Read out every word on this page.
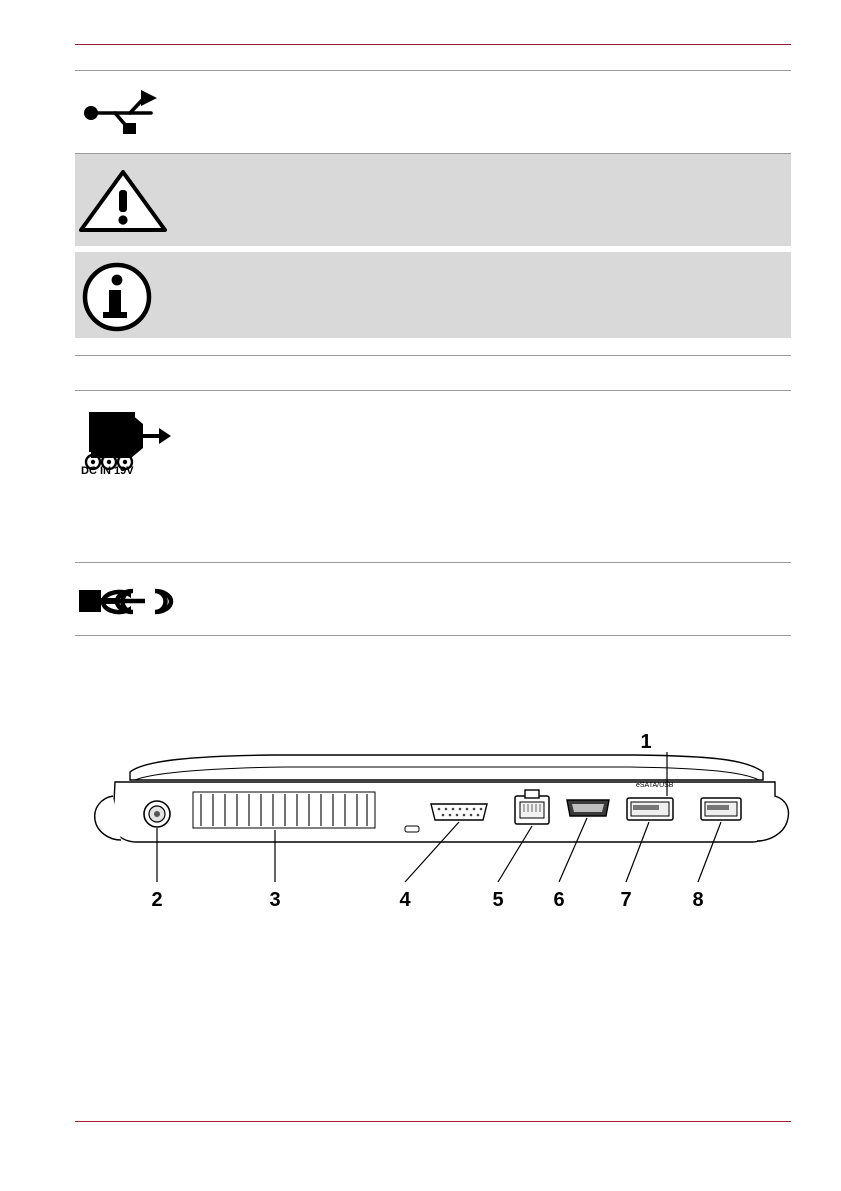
DC IN 19V
eSATA/USB
1
2	3	4	5	6	7	8
